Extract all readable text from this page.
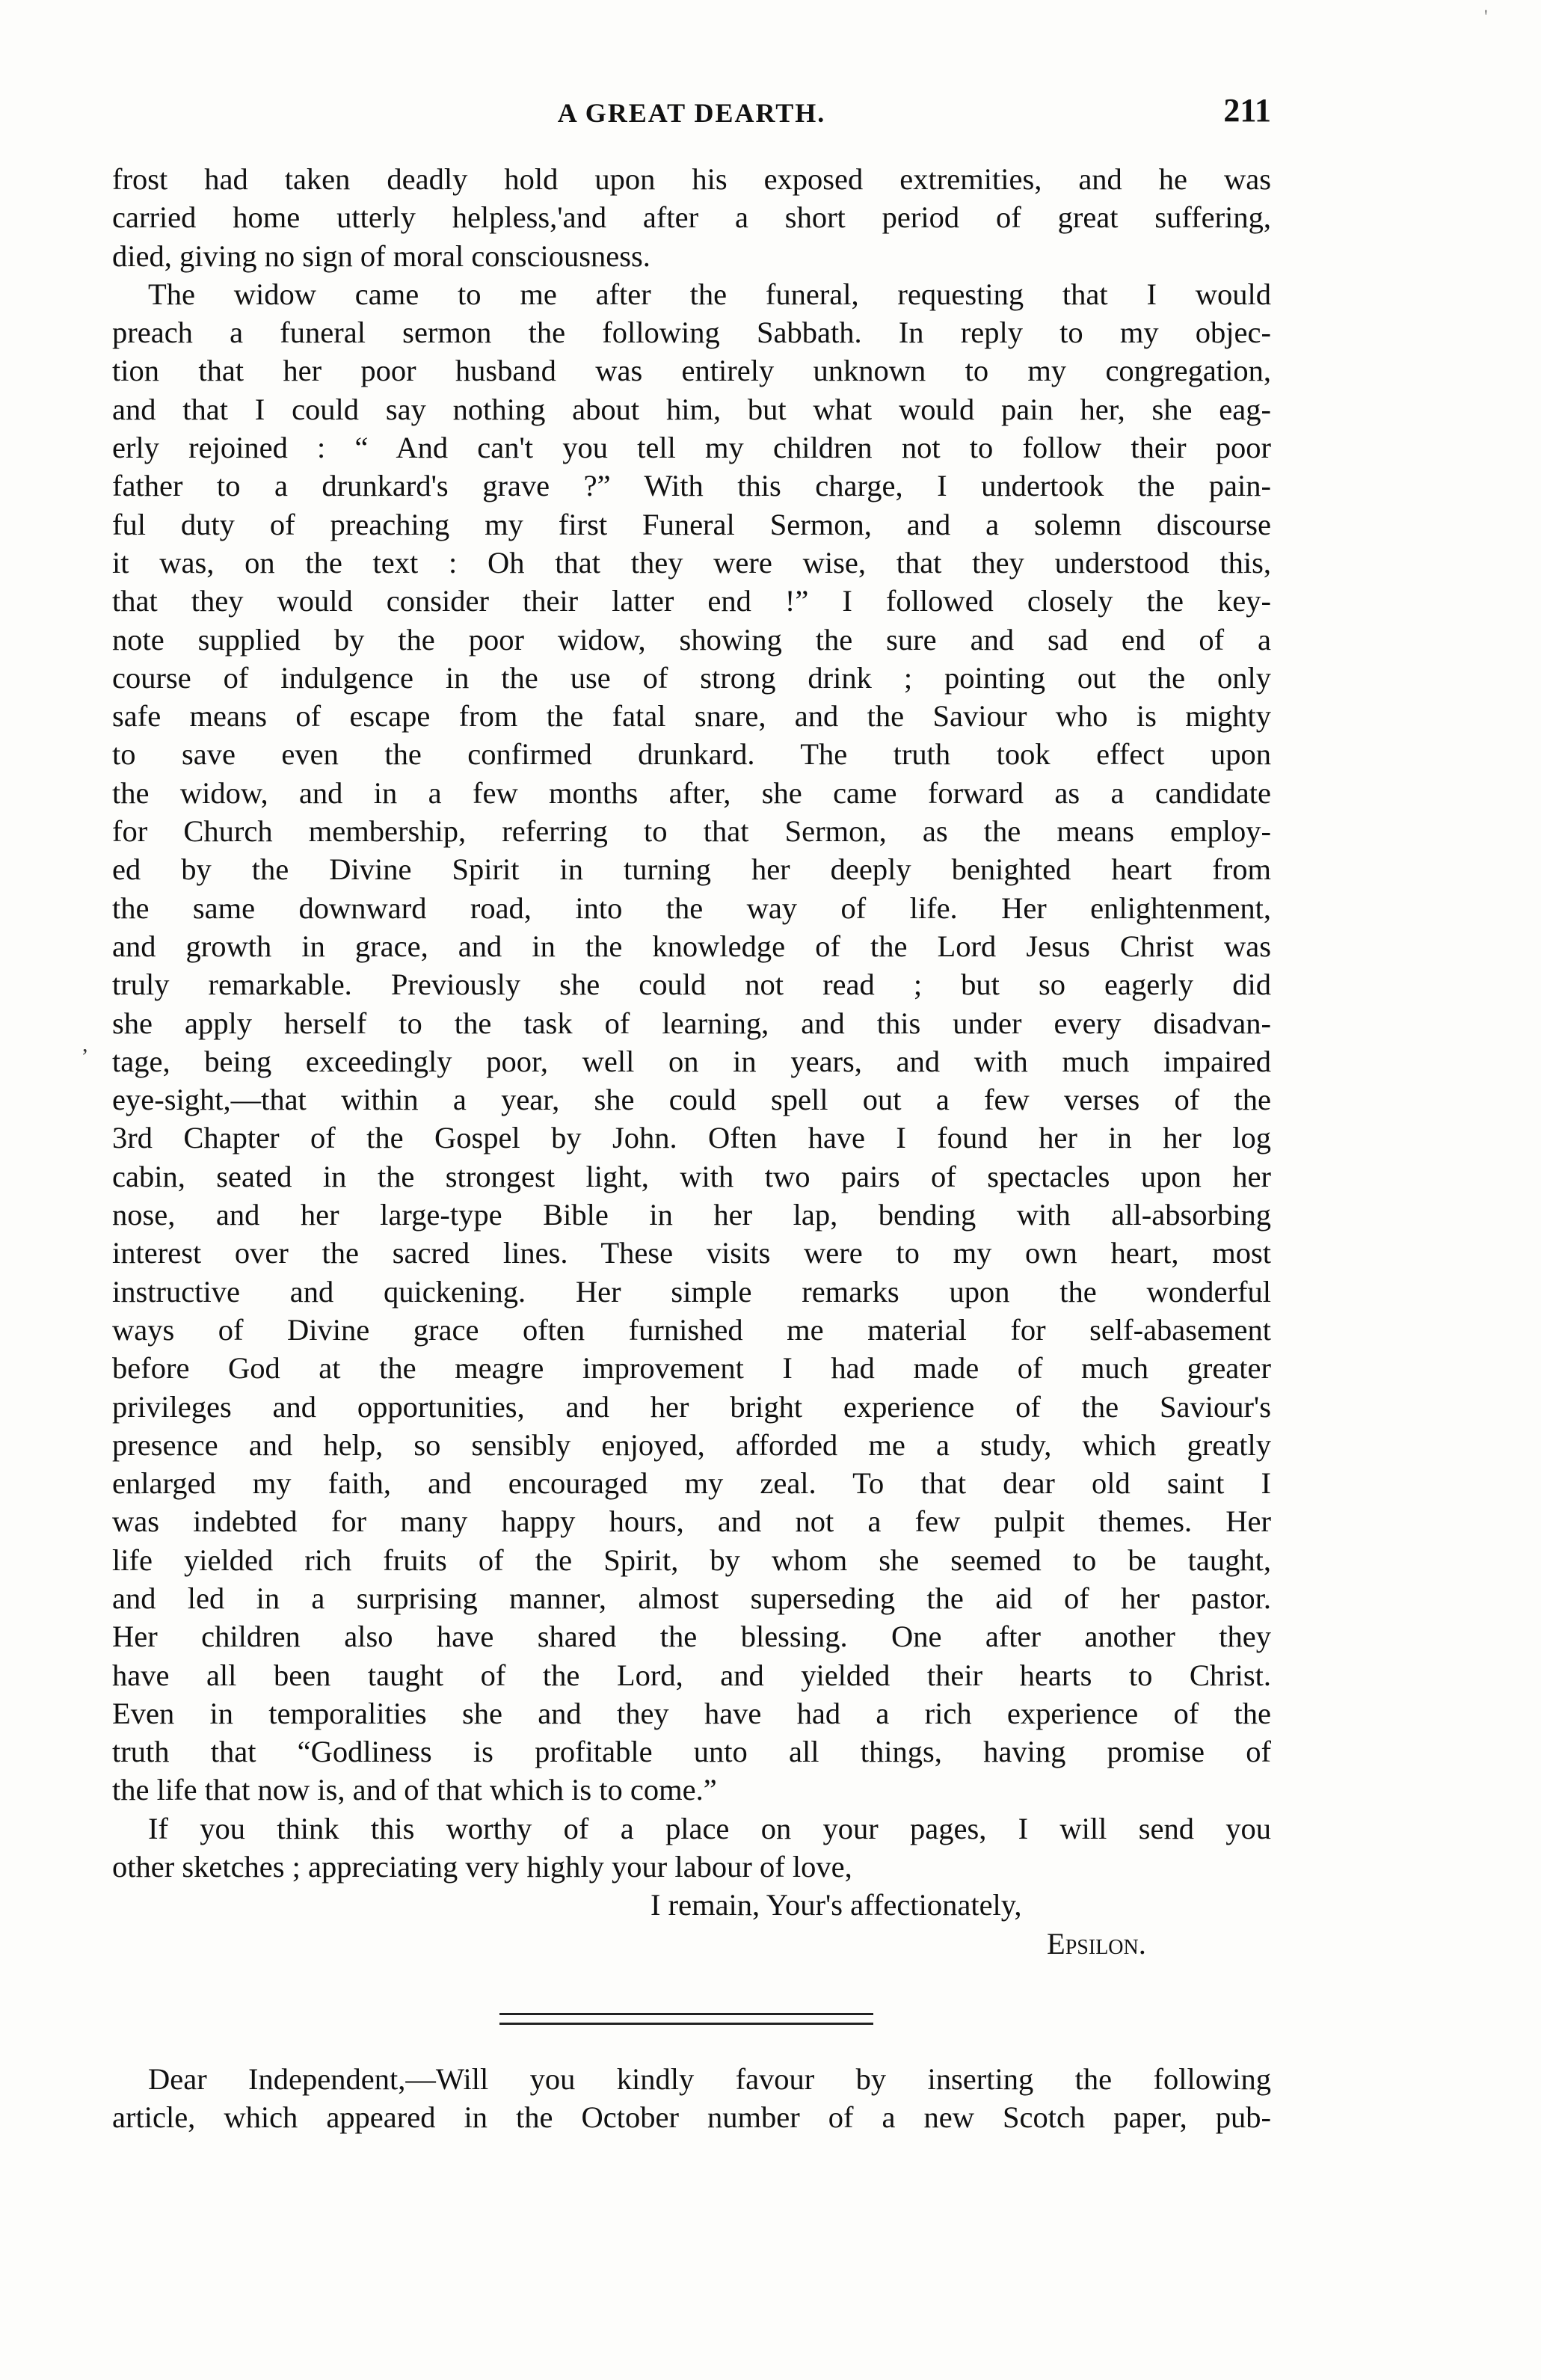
'
A GREAT DEARTH.	211
,
frost had taken deadly hold upon his exposed extremities, and he was
carried home utterly helpless,'and after a short period of great suffering,
died, giving no sign of moral consciousness.
The widow came to me after the funeral, requesting that I would
preach a funeral sermon the following Sabbath. In reply to my objec-
tion that her poor husband was entirely unknown to my congregation,
and that I could say nothing about him, but what would pain her, she eag-
erly rejoined : “ And can't you tell my children not to follow their poor
father to a drunkard's grave ?” With this charge, I undertook the pain-
ful duty of preaching my first Funeral Sermon, and a solemn discourse
it was, on the text : Oh that they were wise, that they understood this,
that they would consider their latter end !” I followed closely the key-
note supplied by the poor widow, showing the sure and sad end of a
course of indulgence in the use of strong drink ; pointing out the only
safe means of escape from the fatal snare, and the Saviour who is mighty
to save even the confirmed drunkard. The truth took effect upon
the widow, and in a few months after, she came forward as a candidate
for Church membership, referring to that Sermon, as the means employ-
ed by the Divine Spirit in turning her deeply benighted heart from
the same downward road, into the way of life. Her enlightenment,
and growth in grace, and in the knowledge of the Lord Jesus Christ was
truly remarkable. Previously she could not read ; but so eagerly did
she apply herself to the task of learning, and this under every disadvan-
tage, being exceedingly poor, well on in years, and with much impaired
eye-sight,—that within a year, she could spell out a few verses of the
3rd Chapter of the Gospel by John. Often have I found her in her log
cabin, seated in the strongest light, with two pairs of spectacles upon her
nose, and her large-type Bible in her lap, bending with all-absorbing
interest over the sacred lines. These visits were to my own heart, most
instructive and quickening. Her simple remarks upon the wonderful
ways of Divine grace often furnished me material for self-abasement
before God at the meagre improvement I had made of much greater
privileges and opportunities, and her bright experience of the Saviour's
presence and help, so sensibly enjoyed, afforded me a study, which greatly
enlarged my faith, and encouraged my zeal. To that dear old saint I
was indebted for many happy hours, and not a few pulpit themes. Her
life yielded rich fruits of the Spirit, by whom she seemed to be taught,
and led in a surprising manner, almost superseding the aid of her pastor.
Her children also have shared the blessing. One after another they
have all been taught of the Lord, and yielded their hearts to Christ.
Even in temporalities she and they have had a rich experience of the
truth that “Godliness is profitable unto all things, having promise of
the life that now is, and of that which is to come.”
If you think this worthy of a place on your pages, I will send you
other sketches ; appreciating very highly your labour of love,
I remain, Your's affectionately,
Epsilon.
Dear Independent,—Will you kindly favour by inserting the following
article, which appeared in the October number of a new Scotch paper, pub-
